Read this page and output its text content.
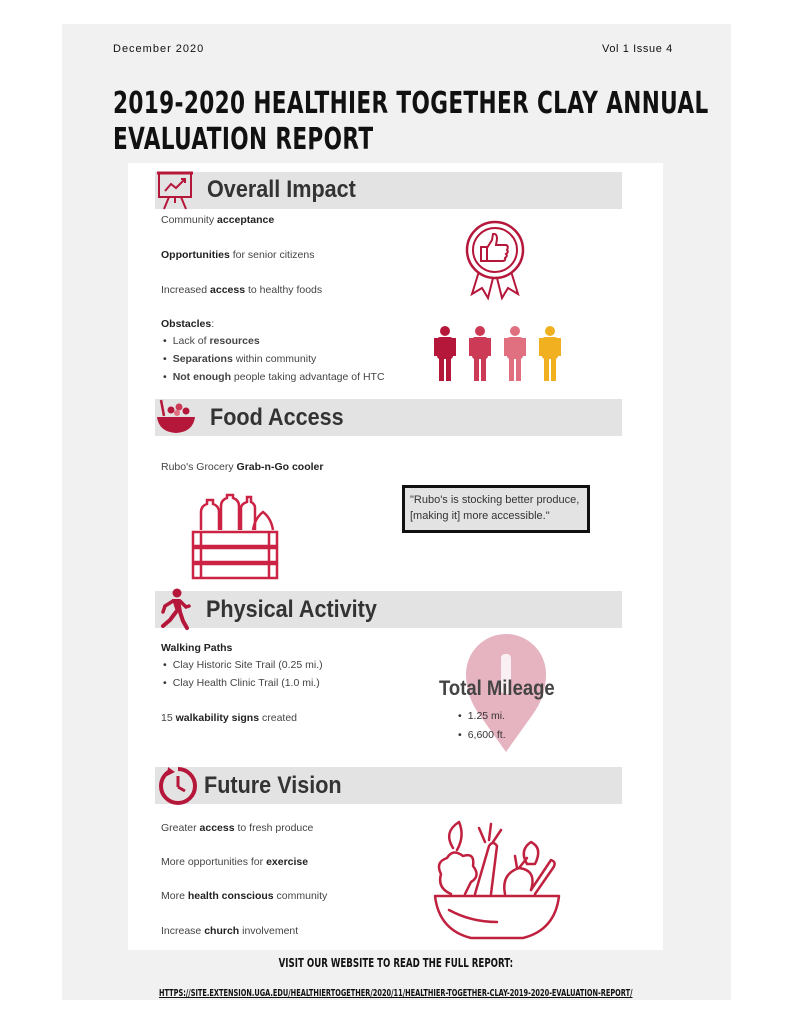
December 2020	Vol 1 Issue 4
2019-2020 HEALTHIER TOGETHER CLAY ANNUAL
EVALUATION REPORT
Overall Impact
Community acceptance
Opportunities for senior citizens
Increased access to healthy foods
Obstacles:
• Lack of resources
• Separations within community
• Not enough people taking advantage of HTC
Food Access
Rubo's Grocery Grab-n-Go cooler
"Rubo's is stocking better produce, [making it] more accessible."
Physical Activity
Walking Paths
• Clay Historic Site Trail (0.25 mi.)
• Clay Health Clinic Trail (1.0 mi.)
15 walkability signs created
Total Mileage
• 1.25 mi.
• 6,600 ft.
Future Vision
Greater access to fresh produce
More opportunities for exercise
More health conscious community
Increase church involvement
VISIT OUR WEBSITE TO READ THE FULL REPORT:
HTTPS://SITE.EXTENSION.UGA.EDU/HEALTHIERTOGETHER/2020/11/HEALTHIER-TOGETHER-CLAY-2019-2020-EVALUATION-REPORT/
